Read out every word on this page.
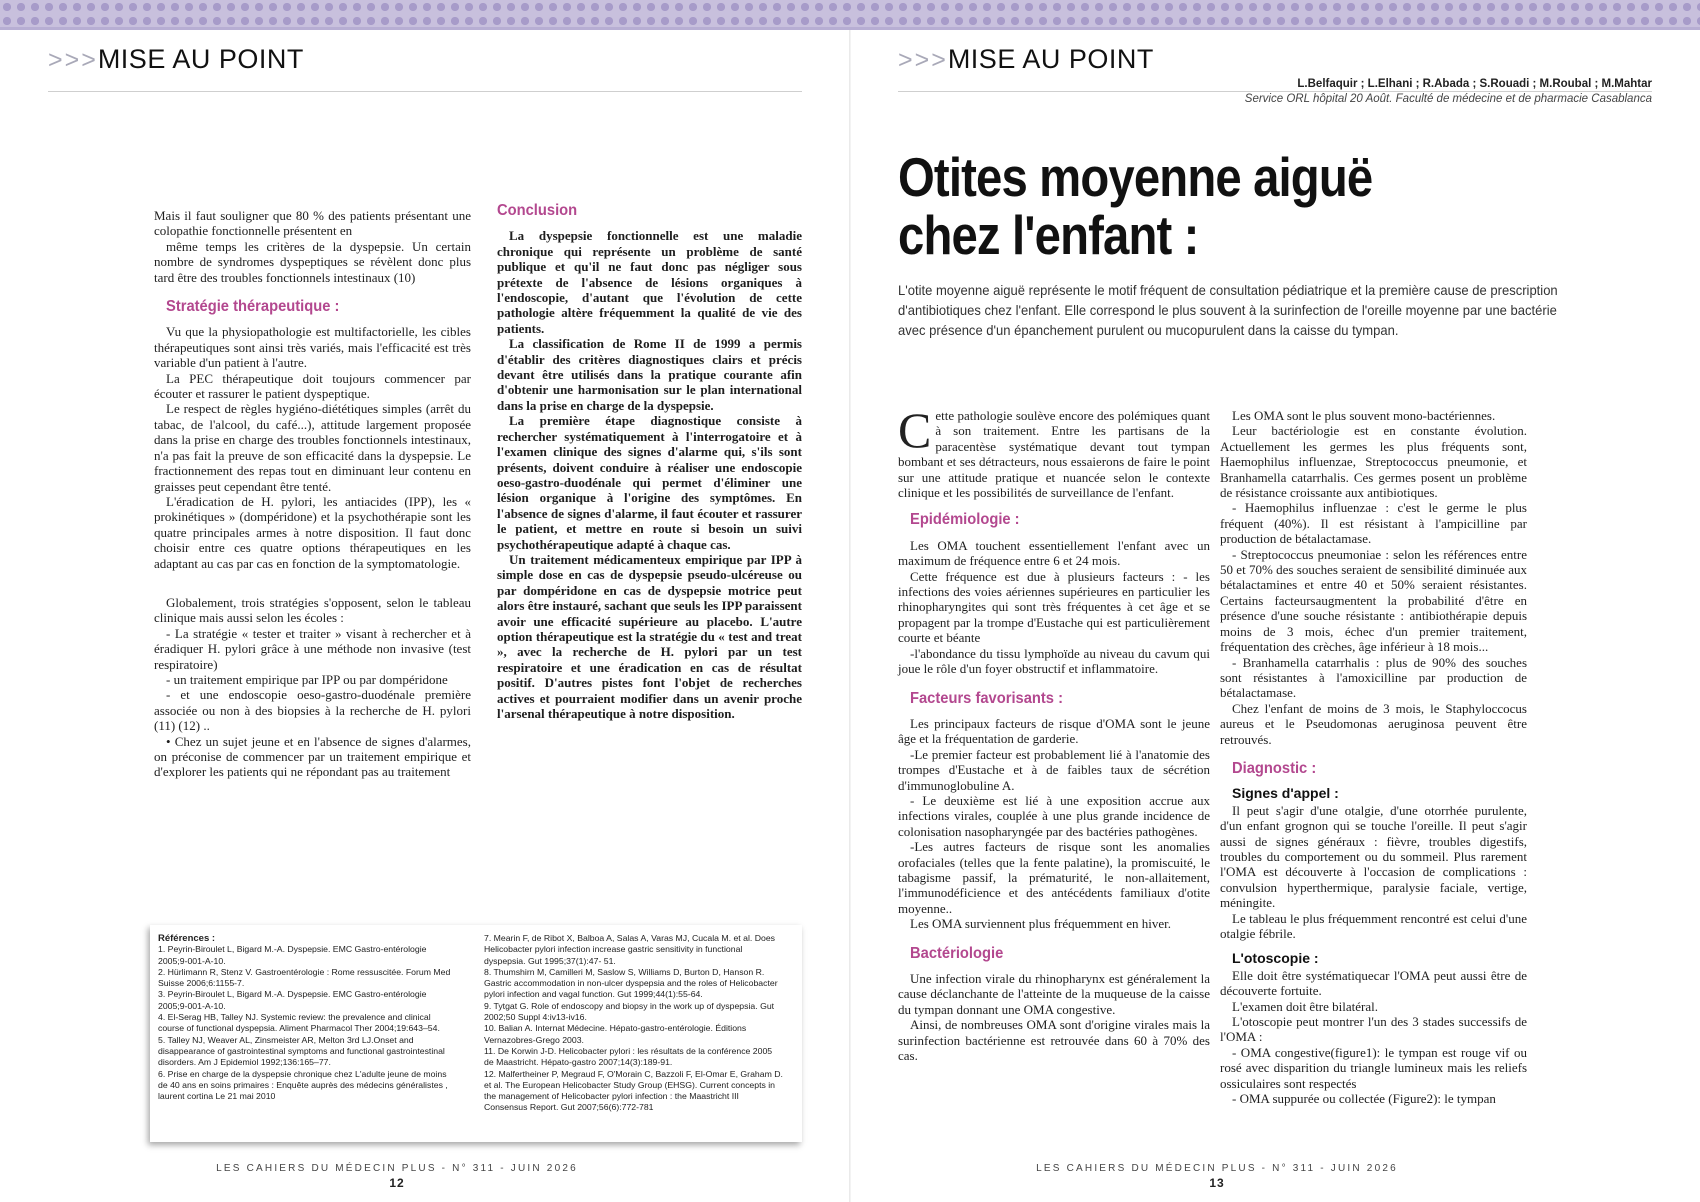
>>>MISE AU POINT

Mais il faut souligner que 80 % des patients présentant une colopathie fonctionnelle présentent en

même temps les critères de la dyspepsie. Un certain nombre de syndromes dyspeptiques se révèlent donc plus tard être des troubles fonctionnels intestinaux (10)

Stratégie thérapeutique :

Vu que la physiopathologie est multifactorielle, les cibles thérapeutiques sont ainsi très variés, mais l'efficacité est très variable d'un patient à l'autre.

La PEC thérapeutique doit toujours commencer par écouter et rassurer le patient dyspeptique.

Le respect de règles hygiéno-diététiques simples (arrêt du tabac, de l'alcool, du café...), attitude largement proposée dans la prise en charge des troubles fonctionnels intestinaux, n'a pas fait la preuve de son efficacité dans la dyspepsie. Le fractionnement des repas tout en diminuant leur contenu en graisses peut cependant être tenté.

L'éradication de H. pylori, les antiacides (IPP), les « prokinétiques » (dompéridone) et la psychothérapie sont les quatre principales armes à notre disposition. Il faut donc choisir entre ces quatre options thérapeutiques en les adaptant au cas par cas en fonction de la symptomatologie.

Globalement, trois stratégies s'opposent, selon le tableau clinique mais aussi selon les écoles :

- La stratégie « tester et traiter » visant à rechercher et à éradiquer H. pylori grâce à une méthode non invasive (test respiratoire)

- un traitement empirique par IPP ou par dompéridone

- et une endoscopie oeso-gastro-duodénale première associée ou non à des biopsies à la recherche de H. pylori (11) (12) ..

• Chez un sujet jeune et en l'absence de signes d'alarmes, on préconise de commencer par un traitement empirique et d'explorer les patients qui ne répondant pas au traitement

Conclusion

La dyspepsie fonctionnelle est une maladie chronique qui représente un problème de santé publique et qu'il ne faut donc pas négliger sous prétexte de l'absence de lésions organiques à l'endoscopie, d'autant que l'évolution de cette pathologie altère fréquemment la qualité de vie des patients.

La classification de Rome II de 1999 a permis d'établir des critères diagnostiques clairs et précis devant être utilisés dans la pratique courante afin d'obtenir une harmonisation sur le plan international dans la prise en charge de la dyspepsie.

La première étape diagnostique consiste à rechercher systématiquement à l'interrogatoire et à l'examen clinique des signes d'alarme qui, s'ils sont présents, doivent conduire à réaliser une endoscopie oeso-gastro-duodénale qui permet d'éliminer une lésion organique à l'origine des symptômes. En l'absence de signes d'alarme, il faut écouter et rassurer le patient, et mettre en route si besoin un suivi psychothérapeutique adapté à chaque cas.

Un traitement médicamenteux empirique par IPP à simple dose en cas de dyspepsie pseudo-ulcéreuse ou par dompéridone en cas de dyspepsie motrice peut alors être instauré, sachant que seuls les IPP paraissent avoir une efficacité supérieure au placebo. L'autre option thérapeutique est la stratégie du « test and treat », avec la recherche de H. pylori par un test respiratoire et une éradication en cas de résultat positif. D'autres pistes font l'objet de recherches actives et pourraient modifier dans un avenir proche l'arsenal thérapeutique à notre disposition.

Références :
1. Peyrin-Biroulet L, Bigard M.-A. Dyspepsie. EMC Gastro-entérologie 2005;9-001-A-10.
2. Hürlimann R, Stenz V. Gastroentérologie : Rome ressuscitée. Forum Med Suisse 2006;6:1155-7.
3. Peyrin-Biroulet L, Bigard M.-A. Dyspepsie. EMC Gastro-entérologie 2005;9-001-A-10.
4. El-Serag HB, Talley NJ. Systemic review: the prevalence and clinical course of functional dyspepsia. Aliment Pharmacol Ther 2004;19:643–54.
5. Talley NJ, Weaver AL, Zinsmeister AR, Melton 3rd LJ.Onset and disappearance of gastrointestinal symptoms and functional gastrointestinal disorders. Am J Epidemiol 1992;136:165–77.
6. Prise en charge de la dyspepsie chronique chez L'adulte jeune de moins de 40 ans en soins primaires : Enquête auprès des médecins généralistes , laurent cortina Le 21 mai 2010
7. Mearin F, de Ribot X, Balboa A, Salas A, Varas MJ, Cucala M. et al. Does Helicobacter pylori infection increase gastric sensitivity in functional dyspepsia. Gut 1995;37(1):47- 51.
8. Thumshirn M, Camilleri M, Saslow S, Williams D, Burton D, Hanson R. Gastric accommodation in non-ulcer dyspepsia and the roles of Helicobacter pylori infection and vagal function. Gut 1999;44(1):55-64.
9. Tytgat G. Role of endoscopy and biopsy in the work up of dyspepsia. Gut 2002;50 Suppl 4:iv13-iv16.
10. Balian A. Internat Médecine. Hépato-gastro-entérologie. Éditions Vernazobres-Grego 2003.
11. De Korwin J-D. Helicobacter pylori : les résultats de la conférence 2005 de Maastricht. Hépato-gastro 2007;14(3):189-91.
12. Malfertheiner P, Megraud F, O'Morain C, Bazzoli F, El-Omar E, Graham D. et al. The European Helicobacter Study Group (EHSG). Current concepts in the management of Helicobacter pylori infection : the Maastricht III Consensus Report. Gut 2007;56(6):772-781
LES CAHIERS DU MÉDECIN PLUS - N° 311 - JUIN 2026
12
>>>MISE AU POINT
L.Belfaquir ; L.Elhani ; R.Abada ; S.Rouadi ; M.Roubal ; M.Mahtar
Service ORL hôpital 20 Août. Faculté de médecine et de pharmacie Casablanca
Otites moyenne aiguë
chez l'enfant :
L'otite moyenne aiguë représente le motif fréquent de consultation pédiatrique et la première cause de prescription d'antibiotiques chez l'enfant. Elle correspond le plus souvent à la surinfection de l'oreille moyenne par une bactérie avec présence d'un épanchement purulent ou mucopurulent dans la caisse du tympan.

Cette pathologie soulève encore des polémiques quant à son traitement. Entre les partisans de la paracentèse systématique devant tout tympan bombant et ses détracteurs, nous essaierons de faire le point sur une attitude pratique et nuancée selon le contexte clinique et les possibilités de surveillance de l'enfant.

Epidémiologie :

Les OMA touchent essentiellement l'enfant avec un maximum de fréquence entre 6 et 24 mois.

Cette fréquence est due à plusieurs facteurs : - les infections des voies aériennes supérieures en particulier les rhinopharyngites qui sont très fréquentes à cet âge et se propagent par la trompe d'Eustache qui est particulièrement courte et béante

-l'abondance du tissu lymphoïde au niveau du cavum qui joue le rôle d'un foyer obstructif et inflammatoire.

Facteurs favorisants :

Les principaux facteurs de risque d'OMA sont le jeune âge et la fréquentation de garderie.

-Le premier facteur est probablement lié à l'anatomie des trompes d'Eustache et à de faibles taux de sécrétion d'immunoglobuline A.

- Le deuxième est lié à une exposition accrue aux infections virales, couplée à une plus grande incidence de colonisation nasopharyngée par des bactéries pathogènes.

-Les autres facteurs de risque sont les anomalies orofaciales (telles que la fente palatine), la promiscuité, le tabagisme passif, la prématurité, le non-allaitement, l'immunodéficience et des antécédents familiaux d'otite moyenne..

Les OMA surviennent plus fréquemment en hiver.

Bactériologie

Une infection virale du rhinopharynx est généralement la cause déclanchante de l'atteinte de la muqueuse de la caisse du tympan donnant une OMA congestive.

Ainsi, de nombreuses OMA sont d'origine virales mais la surinfection bactérienne est retrouvée dans 60 à 70% des cas.

Les OMA sont le plus souvent mono-bactériennes.

Leur bactériologie est en constante évolution. Actuellement les germes les plus fréquents sont, Haemophilus influenzae, Streptococcus pneumonie, et Branhamella catarrhalis. Ces germes posent un problème de résistance croissante aux antibiotiques.

- Haemophilus influenzae : c'est le germe le plus fréquent (40%). Il est résistant à l'ampicilline par production de bétalactamase.

- Streptococcus pneumoniae : selon les références entre 50 et 70% des souches seraient de sensibilité diminuée aux bétalactamines et entre 40 et 50% seraient résistantes. Certains facteursaugmentent la probabilité d'être en présence d'une souche résistante : antibiothérapie depuis moins de 3 mois, échec d'un premier traitement, fréquentation des crèches, âge inférieur à 18 mois...

- Branhamella catarrhalis : plus de 90% des souches sont résistantes à l'amoxicilline par production de bétalactamase.

Chez l'enfant de moins de 3 mois, le Staphyloccocus aureus et le Pseudomonas aeruginosa peuvent être retrouvés.

Diagnostic :
Signes d'appel :

Il peut s'agir d'une otalgie, d'une otorrhée purulente, d'un enfant grognon qui se touche l'oreille. Il peut s'agir aussi de signes généraux : fièvre, troubles digestifs, troubles du comportement ou du sommeil. Plus rarement l'OMA est découverte à l'occasion de complications : convulsion hyperthermique, paralysie faciale, vertige, méningite.

Le tableau le plus fréquemment rencontré est celui d'une otalgie fébrile.

L'otoscopie :

Elle doit être systématiquecar l'OMA peut aussi être de découverte fortuite.

L'examen doit être bilatéral.

L'otoscopie peut montrer l'un des 3 stades successifs de l'OMA :

- OMA congestive(figure1): le tympan est rouge vif ou rosé avec disparition du triangle lumineux mais les reliefs ossiculaires sont respectés

- OMA suppurée ou collectée (Figure2): le tympan

LES CAHIERS DU MÉDECIN PLUS - N° 311 - JUIN 2026
13
